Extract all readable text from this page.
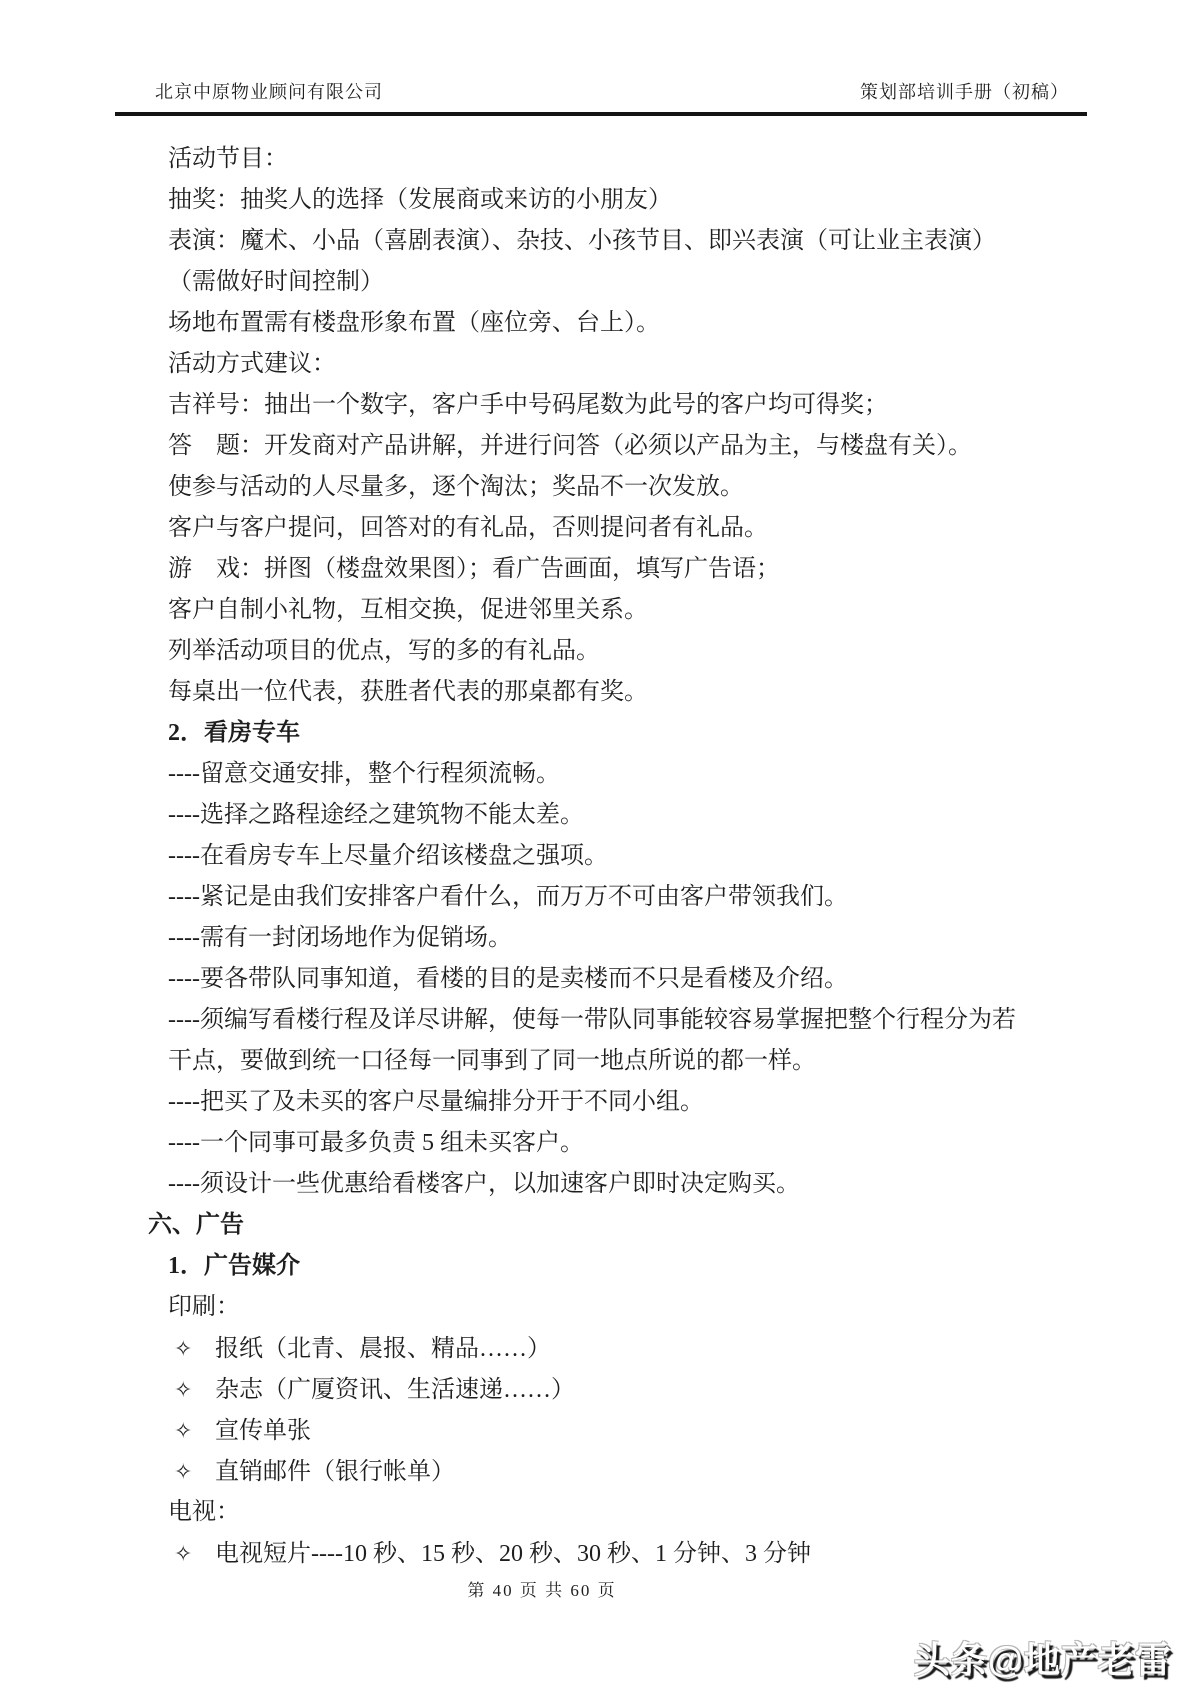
北京中原物业顾问有限公司	策划部培训手册（初稿）
活动节目：
抽奖：抽奖人的选择（发展商或来访的小朋友）
表演：魔术、小品（喜剧表演）、杂技、小孩节目、即兴表演（可让业主表演）
（需做好时间控制）
场地布置需有楼盘形象布置（座位旁、台上）。
活动方式建议：
吉祥号：抽出一个数字，客户手中号码尾数为此号的客户均可得奖；
答　题：开发商对产品讲解，并进行问答（必须以产品为主，与楼盘有关）。
使参与活动的人尽量多，逐个淘汰；奖品不一次发放。
客户与客户提问，回答对的有礼品，否则提问者有礼品。
游　戏：拼图（楼盘效果图）；看广告画面，填写广告语；
客户自制小礼物，互相交换，促进邻里关系。
列举活动项目的优点，写的多的有礼品。
每桌出一位代表，获胜者代表的那桌都有奖。
2．看房专车
----留意交通安排，整个行程须流畅。
----选择之路程途经之建筑物不能太差。
----在看房专车上尽量介绍该楼盘之强项。
----紧记是由我们安排客户看什么，而万万不可由客户带领我们。
----需有一封闭场地作为促销场。
----要各带队同事知道，看楼的目的是卖楼而不只是看楼及介绍。
----须编写看楼行程及详尽讲解，使每一带队同事能较容易掌握把整个行程分为若
干点，要做到统一口径每一同事到了同一地点所说的都一样。
----把买了及未买的客户尽量编排分开于不同小组。
----一个同事可最多负责 5 组未买客户。
----须设计一些优惠给看楼客户，以加速客户即时决定购买。
六、广告
1．广告媒介
印刷：
✧ 报纸（北青、晨报、精品……）
✧ 杂志（广厦资讯、生活速递……）
✧ 宣传单张
✧ 直销邮件（银行帐单）
电视：
✧ 电视短片----10 秒、15 秒、20 秒、30 秒、1 分钟、3 分钟
第 40 页 共 60 页
头条@地产老雷
